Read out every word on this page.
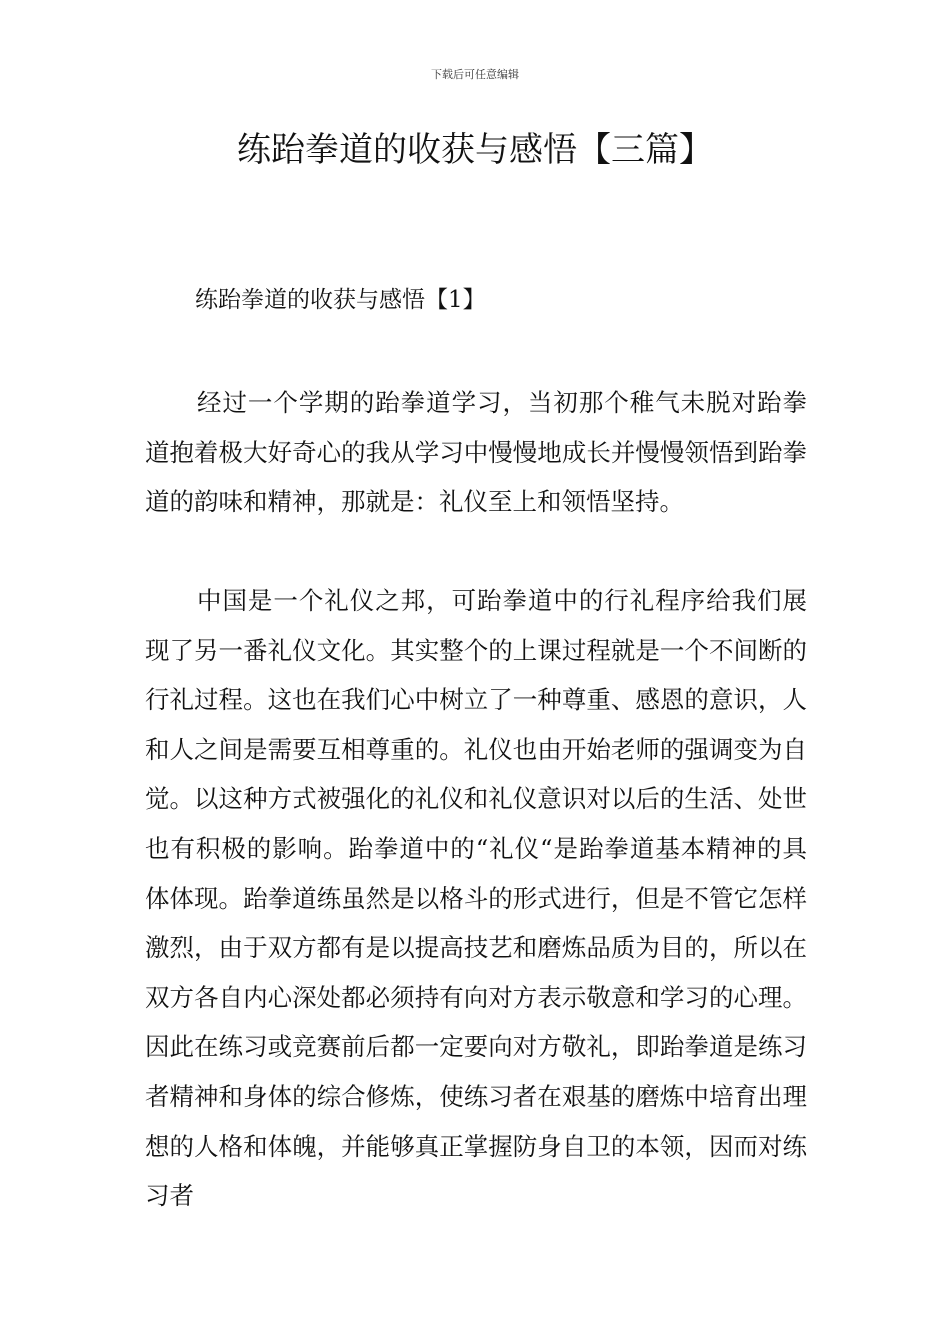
下载后可任意编辑
练跆拳道的收获与感悟【三篇】
练跆拳道的收获与感悟【1】

经过一个学期的跆拳道学习，当初那个稚气未脱对跆拳道抱着极大好奇心的我从学习中慢慢地成长并慢慢领悟到跆拳道的韵味和精神，那就是：礼仪至上和领悟坚持。

中国是一个礼仪之邦，可跆拳道中的行礼程序给我们展现了另一番礼仪文化。其实整个的上课过程就是一个不间断的行礼过程。这也在我们心中树立了一种尊重、感恩的意识，人和人之间是需要互相尊重的。礼仪也由开始老师的强调变为自觉。以这种方式被强化的礼仪和礼仪意识对以后的生活、处世也有积极的影响。跆拳道中的“礼仪“是跆拳道基本精神的具体体现。跆拳道练虽然是以格斗的形式进行，但是不管它怎样激烈，由于双方都有是以提高技艺和磨炼品质为目的，所以在双方各自内心深处都必须持有向对方表示敬意和学习的心理。因此在练习或竞赛前后都一定要向对方敬礼，即跆拳道是练习者精神和身体的综合修炼，使练习者在艰基的磨炼中培育出理想的人格和体魄，并能够真正掌握防身自卫的本领，因而对练习者
